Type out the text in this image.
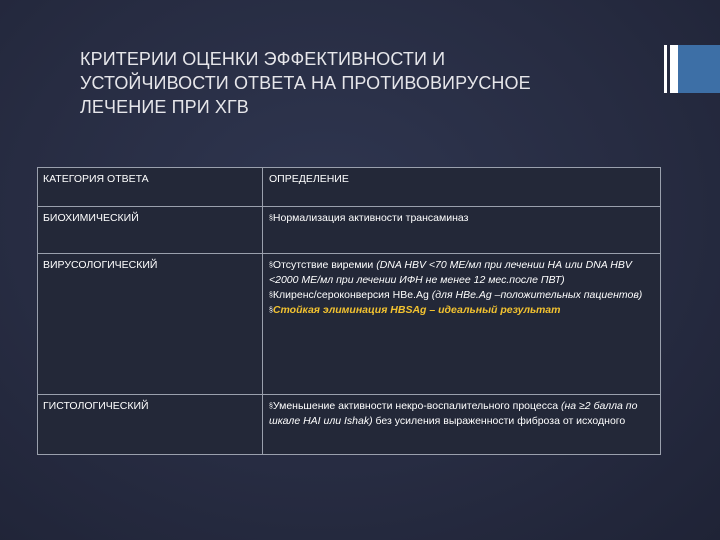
КРИТЕРИИ ОЦЕНКИ ЭФФЕКТИВНОСТИ И
УСТОЙЧИВОСТИ ОТВЕТА НА ПРОТИВОВИРУСНОЕ
ЛЕЧЕНИЕ ПРИ ХГВ
КАТЕГОРИЯ ОТВЕТА	ОПРЕДЕЛЕНИЕ
БИОХИМИЧЕСКИЙ	§Нормализация активности трансаминаз

ВИРУСОЛОГИЧЕСКИЙ	§Отсутствие виремии (DNA HBV <70 МЕ/мл при лечении НА или DNA HBV <2000 МЕ/мл при лечении ИФН не менее 12 мес.после ПВТ)
§Клиренс/сероконверсия HBe.Ag (для HBe.Ag –положительных пациентов)
§Стойкая элиминация HBSAg – идеальный результат

ГИСТОЛОГИЧЕСКИЙ	§Уменьшение активности некро-воспалительного процесса (на ≥2 балла по шкале HAI или Ishak) без усиления выраженности фиброза от исходного
